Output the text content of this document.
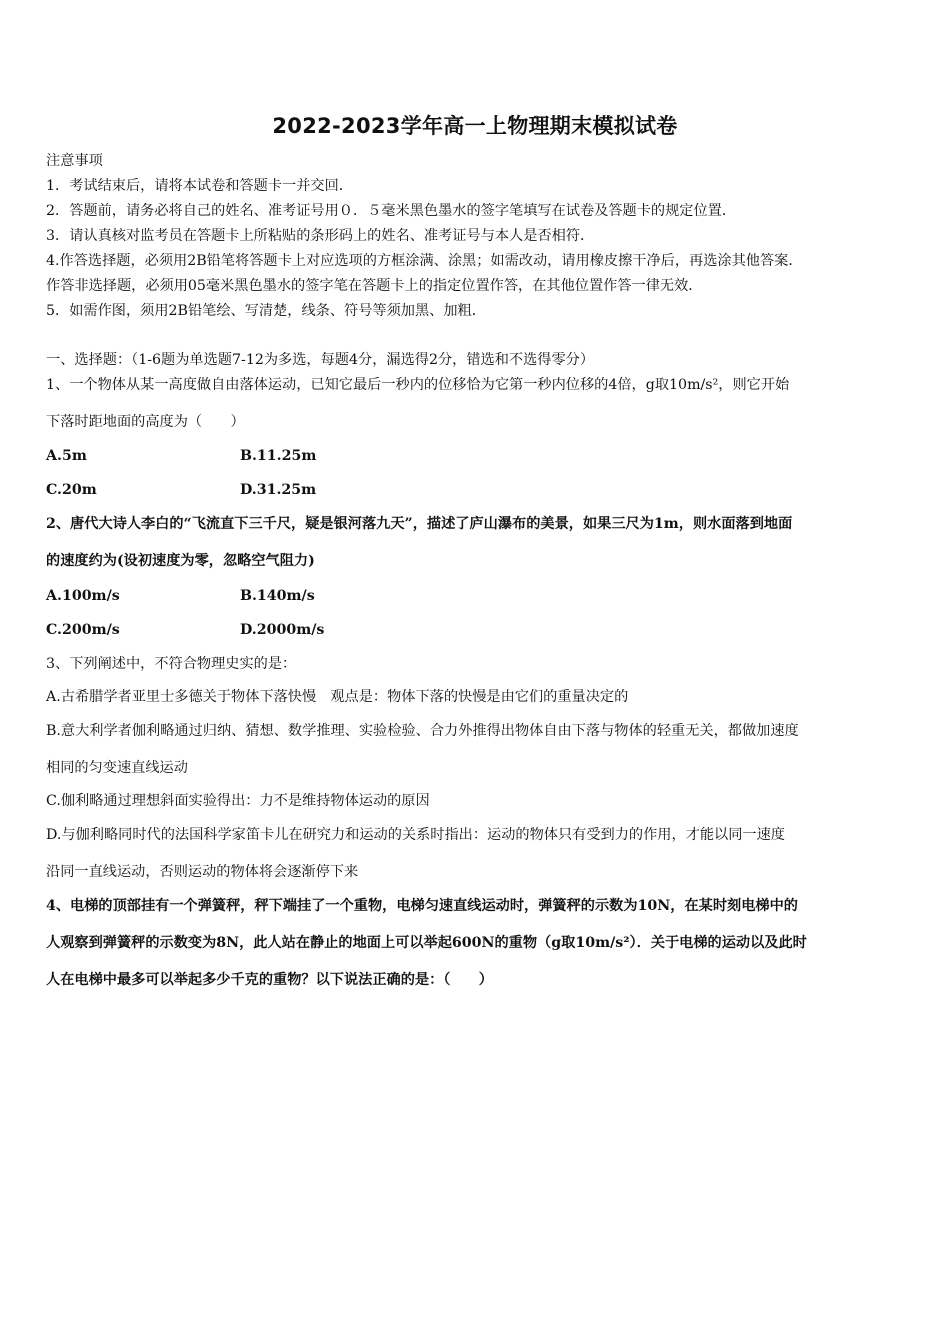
2022-2023学年高一上物理期末模拟试卷
注意事项
1．考试结束后，请将本试卷和答题卡一并交回．
2．答题前，请务必将自己的姓名、准考证号用０．５毫米黑色墨水的签字笔填写在试卷及答题卡的规定位置．
3．请认真核对监考员在答题卡上所粘贴的条形码上的姓名、准考证号与本人是否相符．
4.作答选择题，必须用2B铅笔将答题卡上对应选项的方框涂满、涂黑；如需改动，请用橡皮擦干净后，再选涂其他答案．
作答非选择题，必须用05毫米黑色墨水的签字笔在答题卡上的指定位置作答，在其他位置作答一律无效．
5．如需作图，须用2B铅笔绘、写清楚，线条、符号等须加黑、加粗．
一、选择题：（1-6题为单选题7-12为多选，每题4分，漏选得2分，错选和不选得零分）
1、一个物体从某一高度做自由落体运动，已知它最后一秒内的位移恰为它第一秒内位移的4倍，g取10m/s²，则它开始
下落时距地面的高度为（　　）
A.5m	B.11.25m
C.20m	D.31.25m
2、唐代大诗人李白的“飞流直下三千尺，疑是银河落九天”，描述了庐山瀑布的美景，如果三尺为1m，则水面落到地面
的速度约为(设初速度为零，忽略空气阻力)
A.100m/s	B.140m/s
C.200m/s	D.2000m/s
3、下列阐述中，不符合物理史实的是：
A.古希腊学者亚里士多德关于物体下落快慢　观点是：物体下落的快慢是由它们的重量决定的
B.意大利学者伽利略通过归纳、猜想、数学推理、实验检验、合力外推得出物体自由下落与物体的轻重无关，都做加速度
相同的匀变速直线运动
C.伽利略通过理想斜面实验得出：力不是维持物体运动的原因
D.与伽利略同时代的法国科学家笛卡儿在研究力和运动的关系时指出：运动的物体只有受到力的作用，才能以同一速度
沿同一直线运动，否则运动的物体将会逐渐停下来
4、电梯的顶部挂有一个弹簧秤，秤下端挂了一个重物，电梯匀速直线运动时，弹簧秤的示数为10N，在某时刻电梯中的
人观察到弹簧秤的示数变为8N，此人站在静止的地面上可以举起600N的重物（g取10m/s²）．关于电梯的运动以及此时
人在电梯中最多可以举起多少千克的重物？以下说法正确的是：（　　）
